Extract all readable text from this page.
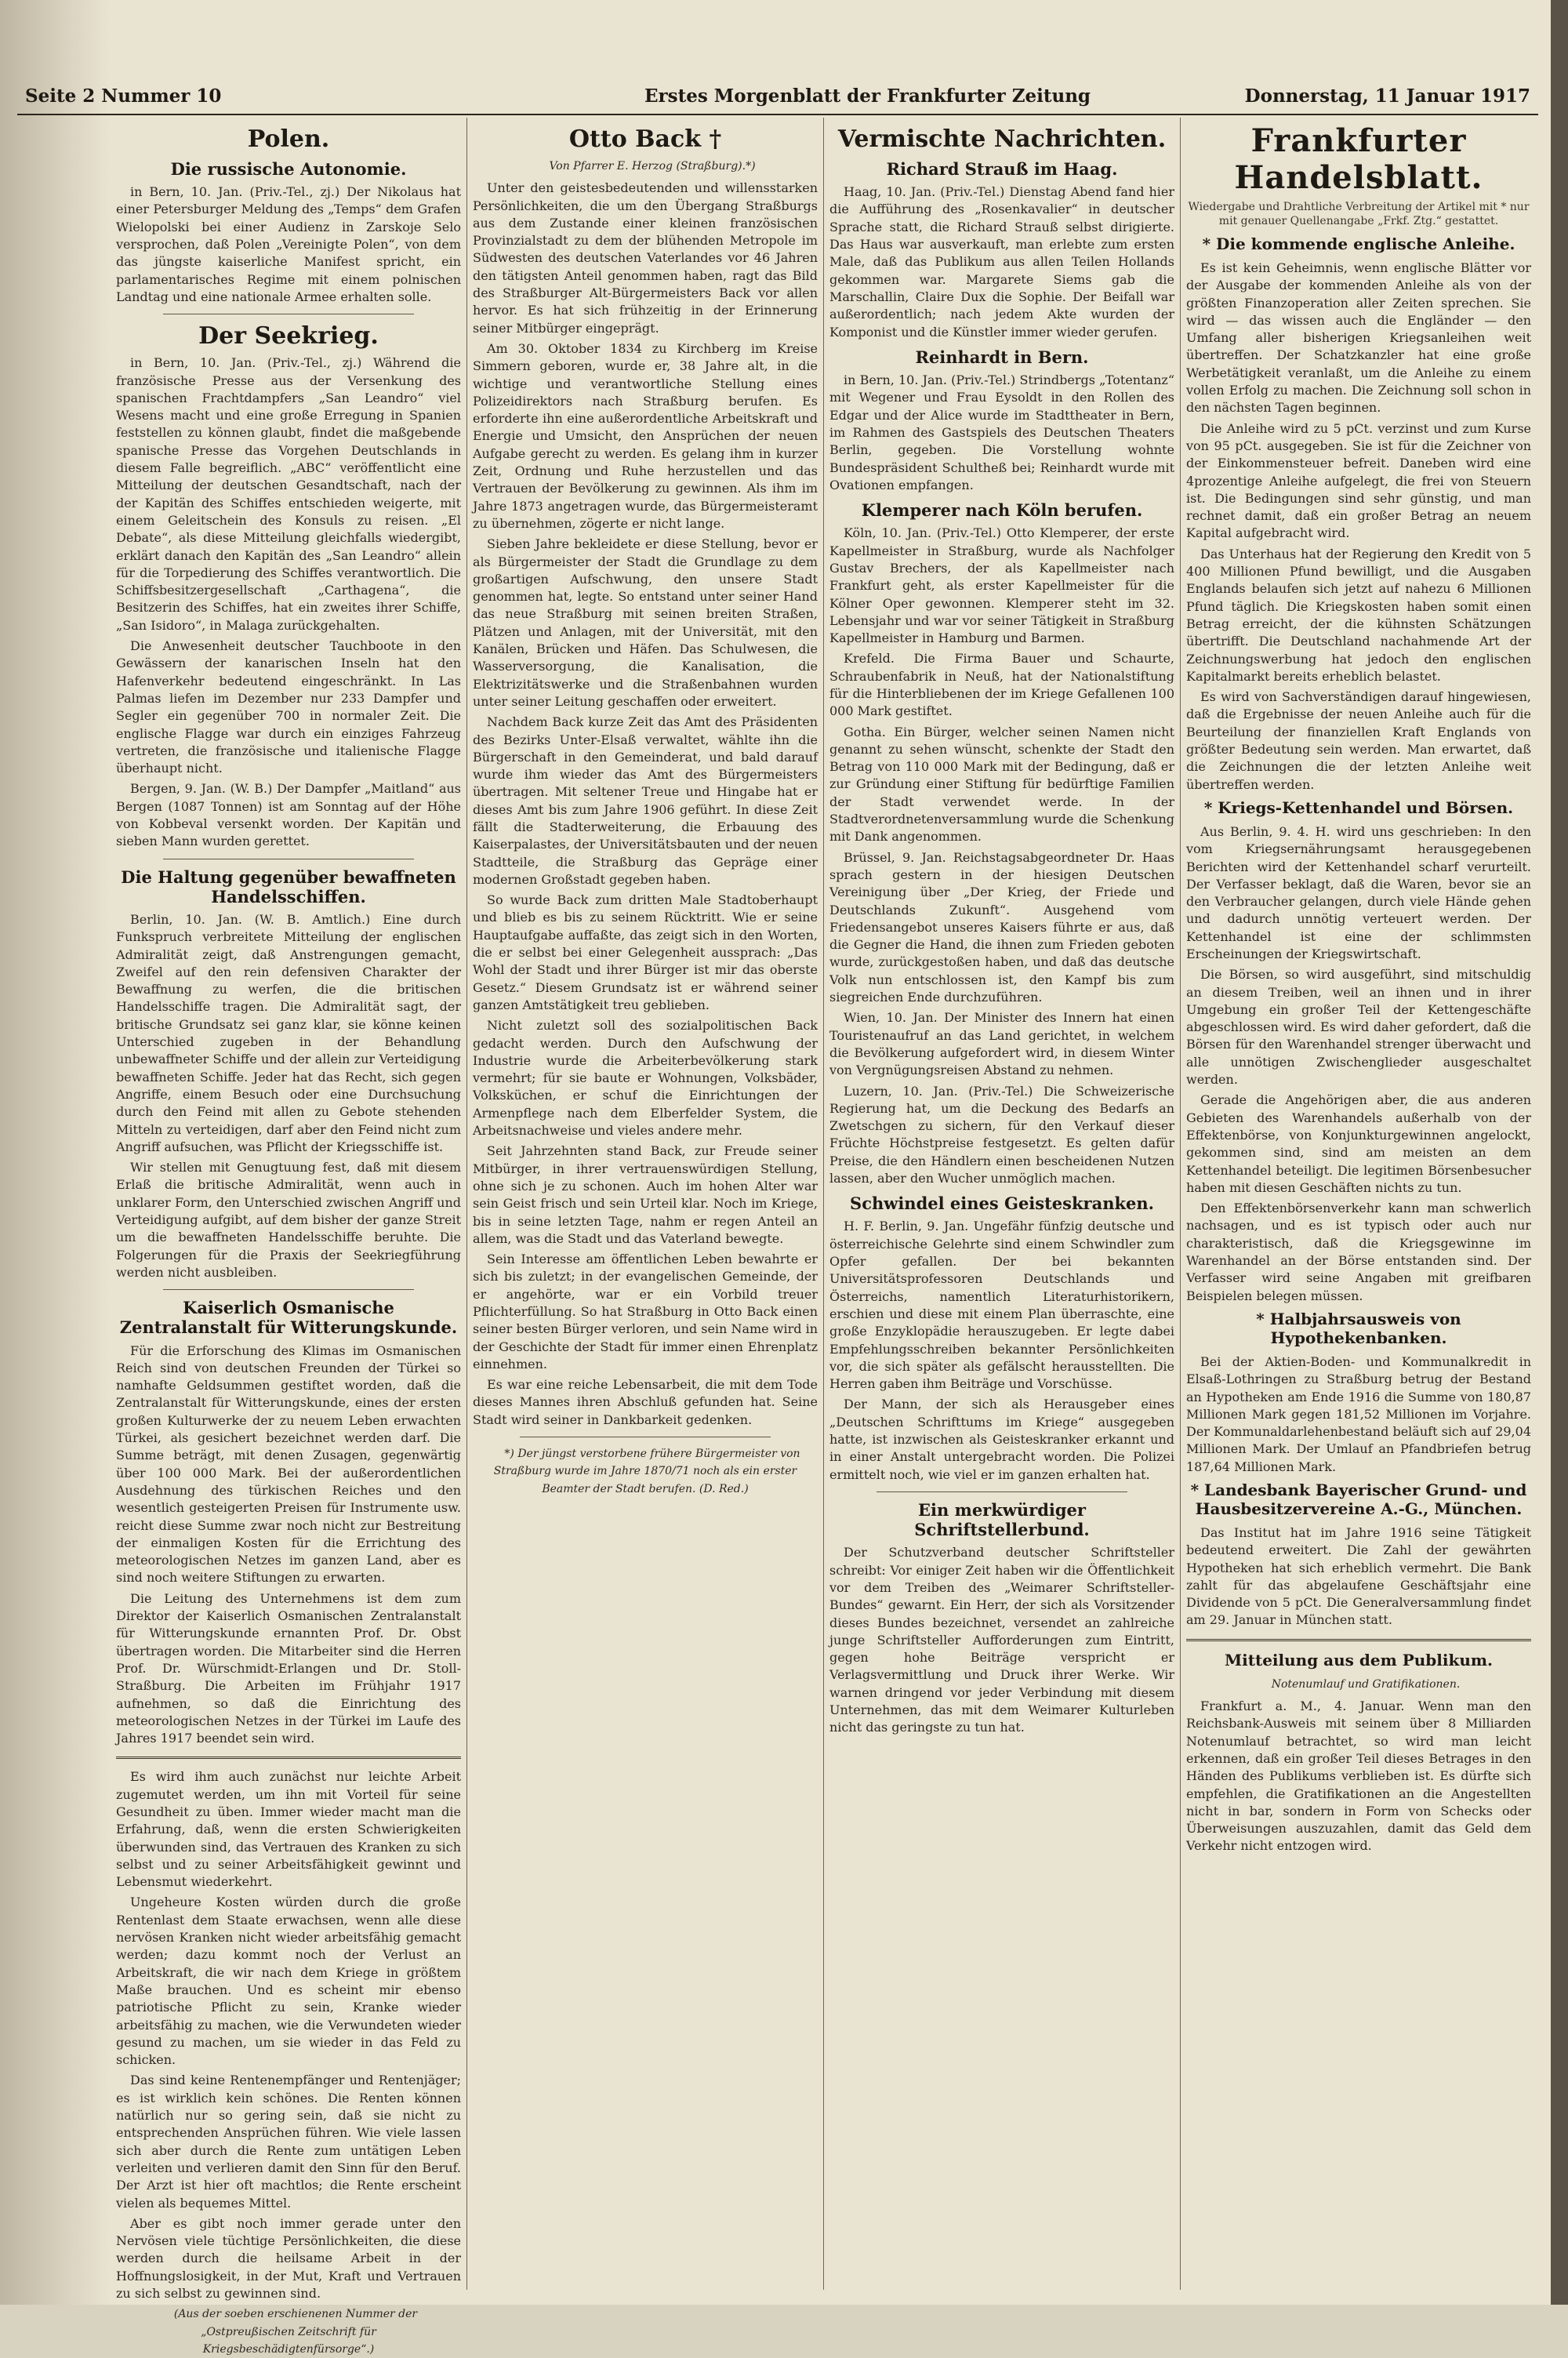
Seite 2 Nummer 10	Erstes Morgenblatt der Frankfurter Zeitung	Donnerstag, 11 Januar 1917
Polen.
Die russische Autonomie.

in Bern, 10. Jan. (Priv.-Tel., zj.) Der Nikolaus hat einer Petersburger Meldung des „Temps“ dem Grafen Wielopolski bei einer Audienz in Zarskoje Selo versprochen, daß Polen „Vereinigte Polen“, von dem das jüngste kaiserliche Manifest spricht, ein parlamentarisches Regime mit einem polnischen Landtag und eine nationale Armee erhalten solle.

Der Seekrieg.

in Bern, 10. Jan. (Priv.-Tel., zj.) Während die französische Presse aus der Versenkung des spanischen Frachtdampfers „San Leandro“ viel Wesens macht und eine große Erregung in Spanien feststellen zu können glaubt, findet die maßgebende spanische Presse das Vorgehen Deutschlands in diesem Falle begreiflich. „ABC“ veröffentlicht eine Mitteilung der deutschen Gesandtschaft, nach der der Kapitän des Schiffes entschieden weigerte, mit einem Geleitschein des Konsuls zu reisen. „El Debate“, als diese Mitteilung gleichfalls wiedergibt, erklärt danach den Kapitän des „San Leandro“ allein für die Torpedierung des Schiffes verantwortlich. Die Schiffsbesitzergesellschaft „Carthagena“, die Besitzerin des Schiffes, hat ein zweites ihrer Schiffe, „San Isidoro“, in Malaga zurückgehalten.

Die Anwesenheit deutscher Tauchboote in den Gewässern der kanarischen Inseln hat den Hafenverkehr bedeutend eingeschränkt. In Las Palmas liefen im Dezember nur 233 Dampfer und Segler ein gegenüber 700 in normaler Zeit. Die englische Flagge war durch ein einziges Fahrzeug vertreten, die französische und italienische Flagge überhaupt nicht.

Bergen, 9. Jan. (W. B.) Der Dampfer „Maitland“ aus Bergen (1087 Tonnen) ist am Sonntag auf der Höhe von Kobbeval versenkt worden. Der Kapitän und sieben Mann wurden gerettet.

Die Haltung gegenüber bewaffneten Handelsschiffen.

Berlin, 10. Jan. (W. B. Amtlich.) Eine durch Funkspruch verbreitete Mitteilung der englischen Admiralität zeigt, daß Anstrengungen gemacht, Zweifel auf den rein defensiven Charakter der Bewaffnung zu werfen, die die britischen Handelsschiffe tragen. Die Admiralität sagt, der britische Grundsatz sei ganz klar, sie könne keinen Unterschied zugeben in der Behandlung unbewaffneter Schiffe und der allein zur Verteidigung bewaffneten Schiffe. Jeder hat das Recht, sich gegen Angriffe, einem Besuch oder eine Durchsuchung durch den Feind mit allen zu Gebote stehenden Mitteln zu verteidigen, darf aber den Feind nicht zum Angriff aufsuchen, was Pflicht der Kriegsschiffe ist.

Wir stellen mit Genugtuung fest, daß mit diesem Erlaß die britische Admiralität, wenn auch in unklarer Form, den Unterschied zwischen Angriff und Verteidigung aufgibt, auf dem bisher der ganze Streit um die bewaffneten Handelsschiffe beruhte. Die Folgerungen für die Praxis der Seekriegführung werden nicht ausbleiben.

Kaiserlich Osmanische Zentralanstalt für Witterungskunde.

Für die Erforschung des Klimas im Osmanischen Reich sind von deutschen Freunden der Türkei so namhafte Geldsummen gestiftet worden, daß die Zentralanstalt für Witterungskunde, eines der ersten großen Kulturwerke der zu neuem Leben erwachten Türkei, als gesichert bezeichnet werden darf. Die Summe beträgt, mit denen Zusagen, gegenwärtig über 100 000 Mark. Bei der außerordentlichen Ausdehnung des türkischen Reiches und den wesentlich gesteigerten Preisen für Instrumente usw. reicht diese Summe zwar noch nicht zur Bestreitung der einmaligen Kosten für die Errichtung des meteorologischen Netzes im ganzen Land, aber es sind noch weitere Stiftungen zu erwarten.

Die Leitung des Unternehmens ist dem zum Direktor der Kaiserlich Osmanischen Zentralanstalt für Witterungskunde ernannten Prof. Dr. Obst übertragen worden. Die Mitarbeiter sind die Herren Prof. Dr. Würschmidt-Erlangen und Dr. Stoll-Straßburg. Die Arbeiten im Frühjahr 1917 aufnehmen, so daß die Einrichtung des meteorologischen Netzes in der Türkei im Laufe des Jahres 1917 beendet sein wird.

Es wird ihm auch zunächst nur leichte Arbeit zugemutet werden, um ihn mit Vorteil für seine Gesundheit zu üben. Immer wieder macht man die Erfahrung, daß, wenn die ersten Schwierigkeiten überwunden sind, das Vertrauen des Kranken zu sich selbst und zu seiner Arbeitsfähigkeit gewinnt und Lebensmut wiederkehrt.

Ungeheure Kosten würden durch die große Rentenlast dem Staate erwachsen, wenn alle diese nervösen Kranken nicht wieder arbeitsfähig gemacht werden; dazu kommt noch der Verlust an Arbeitskraft, die wir nach dem Kriege in größtem Maße brauchen. Und es scheint mir ebenso patriotische Pflicht zu sein, Kranke wieder arbeitsfähig zu machen, wie die Verwundeten wieder gesund zu machen, um sie wieder in das Feld zu schicken.

Das sind keine Rentenempfänger und Rentenjäger; es ist wirklich kein schönes. Die Renten können natürlich nur so gering sein, daß sie nicht zu entsprechenden Ansprüchen führen. Wie viele lassen sich aber durch die Rente zum untätigen Leben verleiten und verlieren damit den Sinn für den Beruf. Der Arzt ist hier oft machtlos; die Rente erscheint vielen als bequemes Mittel.

Aber es gibt noch immer gerade unter den Nervösen viele tüchtige Persönlichkeiten, die diese werden durch die heilsame Arbeit in der Hoffnungslosigkeit, in der Mut, Kraft und Vertrauen zu sich selbst zu gewinnen sind.

(Aus der soeben erschienenen Nummer der „Ostpreußischen Zeitschrift für Kriegsbeschädigtenfürsorge“.)

Otto Back †

Von Pfarrer E. Herzog (Straßburg).*)

Unter den geistesbedeutenden und willensstarken Persönlichkeiten, die um den Übergang Straßburgs aus dem Zustande einer kleinen französischen Provinzialstadt zu dem der blühenden Metropole im Südwesten des deutschen Vaterlandes vor 46 Jahren den tätigsten Anteil genommen haben, ragt das Bild des Straßburger Alt-Bürgermeisters Back vor allen hervor. Es hat sich frühzeitig in der Erinnerung seiner Mitbürger eingeprägt.

Am 30. Oktober 1834 zu Kirchberg im Kreise Simmern geboren, wurde er, 38 Jahre alt, in die wichtige und verantwortliche Stellung eines Polizeidirektors nach Straßburg berufen. Es erforderte ihn eine außerordentliche Arbeitskraft und Energie und Umsicht, den Ansprüchen der neuen Aufgabe gerecht zu werden. Es gelang ihm in kurzer Zeit, Ordnung und Ruhe herzustellen und das Vertrauen der Bevölkerung zu gewinnen. Als ihm im Jahre 1873 angetragen wurde, das Bürgermeisteramt zu übernehmen, zögerte er nicht lange.

Sieben Jahre bekleidete er diese Stellung, bevor er als Bürgermeister der Stadt die Grundlage zu dem großartigen Aufschwung, den unsere Stadt genommen hat, legte. So entstand unter seiner Hand das neue Straßburg mit seinen breiten Straßen, Plätzen und Anlagen, mit der Universität, mit den Kanälen, Brücken und Häfen. Das Schulwesen, die Wasserversorgung, die Kanalisation, die Elektrizitätswerke und die Straßenbahnen wurden unter seiner Leitung geschaffen oder erweitert.

Nachdem Back kurze Zeit das Amt des Präsidenten des Bezirks Unter-Elsaß verwaltet, wählte ihn die Bürgerschaft in den Gemeinderat, und bald darauf wurde ihm wieder das Amt des Bürgermeisters übertragen. Mit seltener Treue und Hingabe hat er dieses Amt bis zum Jahre 1906 geführt. In diese Zeit fällt die Stadterweiterung, die Erbauung des Kaiserpalastes, der Universitätsbauten und der neuen Stadtteile, die Straßburg das Gepräge einer modernen Großstadt gegeben haben.

So wurde Back zum dritten Male Stadtoberhaupt und blieb es bis zu seinem Rücktritt. Wie er seine Hauptaufgabe auffaßte, das zeigt sich in den Worten, die er selbst bei einer Gelegenheit aussprach: „Das Wohl der Stadt und ihrer Bürger ist mir das oberste Gesetz.“ Diesem Grundsatz ist er während seiner ganzen Amtstätigkeit treu geblieben.

Nicht zuletzt soll des sozialpolitischen Back gedacht werden. Durch den Aufschwung der Industrie wurde die Arbeiterbevölkerung stark vermehrt; für sie baute er Wohnungen, Volksbäder, Volksküchen, er schuf die Einrichtungen der Armenpflege nach dem Elberfelder System, die Arbeitsnachweise und vieles andere mehr.

Seit Jahrzehnten stand Back, zur Freude seiner Mitbürger, in ihrer vertrauenswürdigen Stellung, ohne sich je zu schonen. Auch im hohen Alter war sein Geist frisch und sein Urteil klar. Noch im Kriege, bis in seine letzten Tage, nahm er regen Anteil an allem, was die Stadt und das Vaterland bewegte.

Sein Interesse am öffentlichen Leben bewahrte er sich bis zuletzt; in der evangelischen Gemeinde, der er angehörte, war er ein Vorbild treuer Pflichterfüllung. So hat Straßburg in Otto Back einen seiner besten Bürger verloren, und sein Name wird in der Geschichte der Stadt für immer einen Ehrenplatz einnehmen.

Es war eine reiche Lebensarbeit, die mit dem Tode dieses Mannes ihren Abschluß gefunden hat. Seine Stadt wird seiner in Dankbarkeit gedenken.

*) Der jüngst verstorbene frühere Bürgermeister von Straßburg wurde im Jahre 1870/71 noch als ein erster Beamter der Stadt berufen. (D. Red.)

Vermischte Nachrichten.
Richard Strauß im Haag.

Haag, 10. Jan. (Priv.-Tel.) Dienstag Abend fand hier die Aufführung des „Rosenkavalier“ in deutscher Sprache statt, die Richard Strauß selbst dirigierte. Das Haus war ausverkauft, man erlebte zum ersten Male, daß das Publikum aus allen Teilen Hollands gekommen war. Margarete Siems gab die Marschallin, Claire Dux die Sophie. Der Beifall war außerordentlich; nach jedem Akte wurden der Komponist und die Künstler immer wieder gerufen.

Reinhardt in Bern.

in Bern, 10. Jan. (Priv.-Tel.) Strindbergs „Totentanz“ mit Wegener und Frau Eysoldt in den Rollen des Edgar und der Alice wurde im Stadttheater in Bern, im Rahmen des Gastspiels des Deutschen Theaters Berlin, gegeben. Die Vorstellung wohnte Bundespräsident Schultheß bei; Reinhardt wurde mit Ovationen empfangen.

Klemperer nach Köln berufen.

Köln, 10. Jan. (Priv.-Tel.) Otto Klemperer, der erste Kapellmeister in Straßburg, wurde als Nachfolger Gustav Brechers, der als Kapellmeister nach Frankfurt geht, als erster Kapellmeister für die Kölner Oper gewonnen. Klemperer steht im 32. Lebensjahr und war vor seiner Tätigkeit in Straßburg Kapellmeister in Hamburg und Barmen.

Krefeld. Die Firma Bauer und Schaurte, Schraubenfabrik in Neuß, hat der Nationalstiftung für die Hinterbliebenen der im Kriege Gefallenen 100 000 Mark gestiftet.

Gotha. Ein Bürger, welcher seinen Namen nicht genannt zu sehen wünscht, schenkte der Stadt den Betrag von 110 000 Mark mit der Bedingung, daß er zur Gründung einer Stiftung für bedürftige Familien der Stadt verwendet werde. In der Stadtverordnetenversammlung wurde die Schenkung mit Dank angenommen.

Brüssel, 9. Jan. Reichstagsabgeordneter Dr. Haas sprach gestern in der hiesigen Deutschen Vereinigung über „Der Krieg, der Friede und Deutschlands Zukunft“. Ausgehend vom Friedensangebot unseres Kaisers führte er aus, daß die Gegner die Hand, die ihnen zum Frieden geboten wurde, zurückgestoßen haben, und daß das deutsche Volk nun entschlossen ist, den Kampf bis zum siegreichen Ende durchzuführen.

Wien, 10. Jan. Der Minister des Innern hat einen Touristenaufruf an das Land gerichtet, in welchem die Bevölkerung aufgefordert wird, in diesem Winter von Vergnügungsreisen Abstand zu nehmen.

Luzern, 10. Jan. (Priv.-Tel.) Die Schweizerische Regierung hat, um die Deckung des Bedarfs an Zwetschgen zu sichern, für den Verkauf dieser Früchte Höchstpreise festgesetzt. Es gelten dafür Preise, die den Händlern einen bescheidenen Nutzen lassen, aber den Wucher unmöglich machen.

Schwindel eines Geisteskranken.

H. F. Berlin, 9. Jan. Ungefähr fünfzig deutsche und österreichische Gelehrte sind einem Schwindler zum Opfer gefallen. Der bei bekannten Universitätsprofessoren Deutschlands und Österreichs, namentlich Literaturhistorikern, erschien und diese mit einem Plan überraschte, eine große Enzyklopädie herauszugeben. Er legte dabei Empfehlungsschreiben bekannter Persönlichkeiten vor, die sich später als gefälscht herausstellten. Die Herren gaben ihm Beiträge und Vorschüsse.

Der Mann, der sich als Herausgeber eines „Deutschen Schrifttums im Kriege“ ausgegeben hatte, ist inzwischen als Geisteskranker erkannt und in einer Anstalt untergebracht worden. Die Polizei ermittelt noch, wie viel er im ganzen erhalten hat.

Ein merkwürdiger Schriftstellerbund.

Der Schutzverband deutscher Schriftsteller schreibt: Vor einiger Zeit haben wir die Öffentlichkeit vor dem Treiben des „Weimarer Schriftsteller-Bundes“ gewarnt. Ein Herr, der sich als Vorsitzender dieses Bundes bezeichnet, versendet an zahlreiche junge Schriftsteller Aufforderungen zum Eintritt, gegen hohe Beiträge verspricht er Verlagsvermittlung und Druck ihrer Werke. Wir warnen dringend vor jeder Verbindung mit diesem Unternehmen, das mit dem Weimarer Kulturleben nicht das geringste zu tun hat.

Frankfurter Handelsblatt.
Wiedergabe und Drahtliche Verbreitung der Artikel mit * nur mit genauer Quellenangabe „Frkf. Ztg.“ gestattet.
* Die kommende englische Anleihe.

Es ist kein Geheimnis, wenn englische Blätter vor der Ausgabe der kommenden Anleihe als von der größten Finanzoperation aller Zeiten sprechen. Sie wird — das wissen auch die Engländer — den Umfang aller bisherigen Kriegsanleihen weit übertreffen. Der Schatzkanzler hat eine große Werbetätigkeit veranlaßt, um die Anleihe zu einem vollen Erfolg zu machen. Die Zeichnung soll schon in den nächsten Tagen beginnen.

Die Anleihe wird zu 5 pCt. verzinst und zum Kurse von 95 pCt. ausgegeben. Sie ist für die Zeichner von der Einkommensteuer befreit. Daneben wird eine 4prozentige Anleihe aufgelegt, die frei von Steuern ist. Die Bedingungen sind sehr günstig, und man rechnet damit, daß ein großer Betrag an neuem Kapital aufgebracht wird.

Das Unterhaus hat der Regierung den Kredit von 5 400 Millionen Pfund bewilligt, und die Ausgaben Englands belaufen sich jetzt auf nahezu 6 Millionen Pfund täglich. Die Kriegskosten haben somit einen Betrag erreicht, der die kühnsten Schätzungen übertrifft. Die Deutschland nachahmende Art der Zeichnungswerbung hat jedoch den englischen Kapitalmarkt bereits erheblich belastet.

Es wird von Sachverständigen darauf hingewiesen, daß die Ergebnisse der neuen Anleihe auch für die Beurteilung der finanziellen Kraft Englands von größter Bedeutung sein werden. Man erwartet, daß die Zeichnungen die der letzten Anleihe weit übertreffen werden.

* Kriegs-Kettenhandel und Börsen.

Aus Berlin, 9. 4. H. wird uns geschrieben: In den vom Kriegsernährungsamt herausgegebenen Berichten wird der Kettenhandel scharf verurteilt. Der Verfasser beklagt, daß die Waren, bevor sie an den Verbraucher gelangen, durch viele Hände gehen und dadurch unnötig verteuert werden. Der Kettenhandel ist eine der schlimmsten Erscheinungen der Kriegswirtschaft.

Die Börsen, so wird ausgeführt, sind mitschuldig an diesem Treiben, weil an ihnen und in ihrer Umgebung ein großer Teil der Kettengeschäfte abgeschlossen wird. Es wird daher gefordert, daß die Börsen für den Warenhandel strenger überwacht und alle unnötigen Zwischenglieder ausgeschaltet werden.

Gerade die Angehörigen aber, die aus anderen Gebieten des Warenhandels außerhalb von der Effektenbörse, von Konjunkturgewinnen angelockt, gekommen sind, sind am meisten an dem Kettenhandel beteiligt. Die legitimen Börsenbesucher haben mit diesen Geschäften nichts zu tun.

Den Effektenbörsenverkehr kann man schwerlich nachsagen, und es ist typisch oder auch nur charakteristisch, daß die Kriegsgewinne im Warenhandel an der Börse entstanden sind. Der Verfasser wird seine Angaben mit greifbaren Beispielen belegen müssen.

* Halbjahrsausweis von Hypothekenbanken.

Bei der Aktien-Boden- und Kommunalkredit in Elsaß-Lothringen zu Straßburg betrug der Bestand an Hypotheken am Ende 1916 die Summe von 180,87 Millionen Mark gegen 181,52 Millionen im Vorjahre. Der Kommunaldarlehenbestand beläuft sich auf 29,04 Millionen Mark. Der Umlauf an Pfandbriefen betrug 187,64 Millionen Mark.

* Landesbank Bayerischer Grund- und Hausbesitzervereine A.-G., München.

Das Institut hat im Jahre 1916 seine Tätigkeit bedeutend erweitert. Die Zahl der gewährten Hypotheken hat sich erheblich vermehrt. Die Bank zahlt für das abgelaufene Geschäftsjahr eine Dividende von 5 pCt. Die Generalversammlung findet am 29. Januar in München statt.

Mitteilung aus dem Publikum.

Notenumlauf und Gratifikationen.

Frankfurt a. M., 4. Januar. Wenn man den Reichsbank-Ausweis mit seinem über 8 Milliarden Notenumlauf betrachtet, so wird man leicht erkennen, daß ein großer Teil dieses Betrages in den Händen des Publikums verblieben ist. Es dürfte sich empfehlen, die Gratifikationen an die Angestellten nicht in bar, sondern in Form von Schecks oder Überweisungen auszuzahlen, damit das Geld dem Verkehr nicht entzogen wird.
